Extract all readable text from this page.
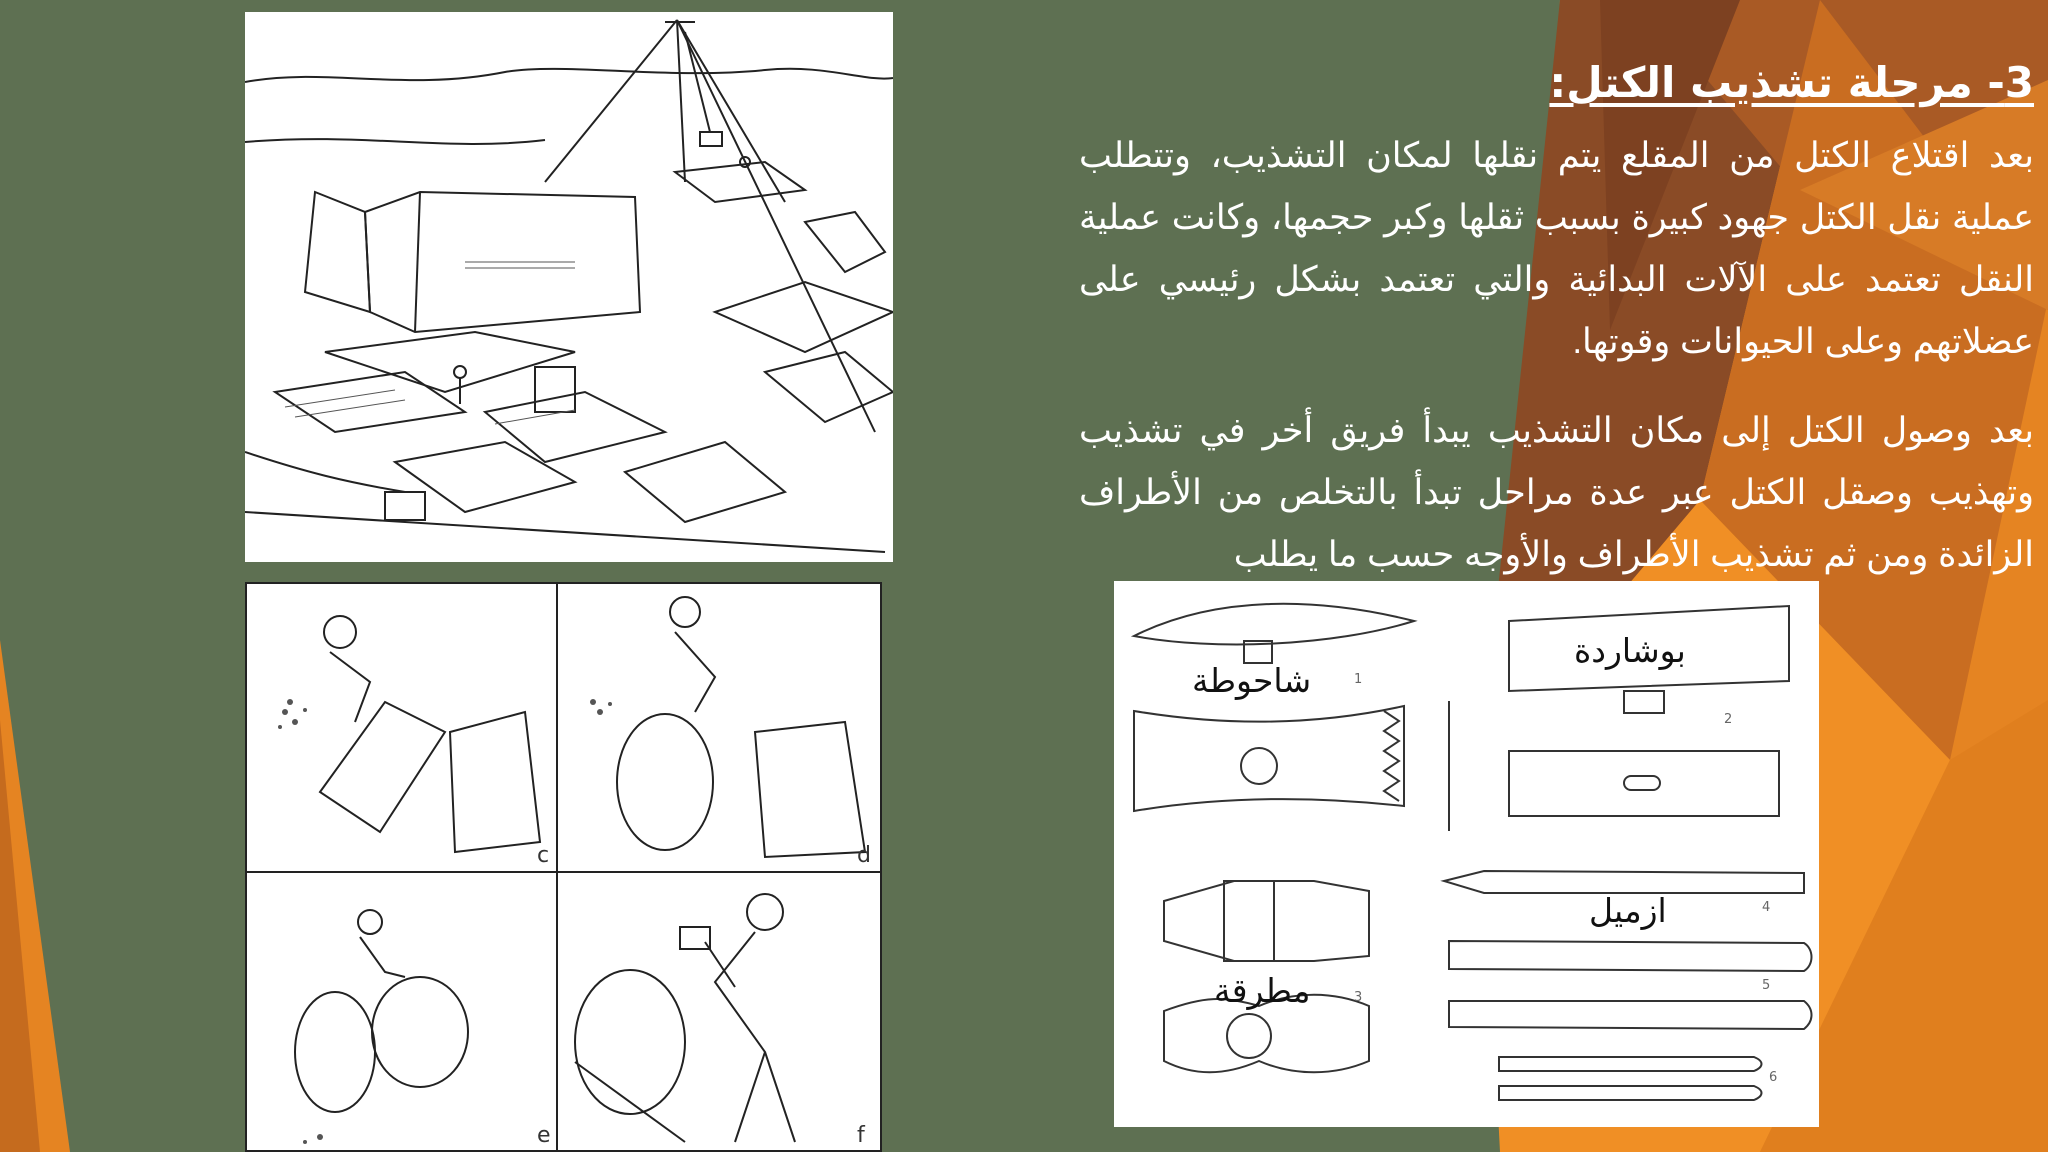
c	d
e	f
3- مرحلة تشذيب الكتل:

بعد اقتلاع الكتل من المقلع يتم نقلها لمكان التشذيب، وتتطلب عملية نقل الكتل جهود كبيرة بسبب ثقلها وكبر حجمها، وكانت عملية النقل تعتمد على الآلات البدائية والتي تعتمد بشكل رئيسي على عضلاتهم وعلى الحيوانات وقوتها.

بعد وصول الكتل إلى مكان التشذيب يبدأ فريق أخر في تشذيب وتهذيب وصقل الكتل عبر عدة مراحل تبدأ بالتخلص من الأطراف الزائدة ومن ثم تشذيب الأطراف والأوجه حسب ما يطلب

1
2
3
4
5
6
شاحوطة
بوشاردة
مطرقة
ازميل
